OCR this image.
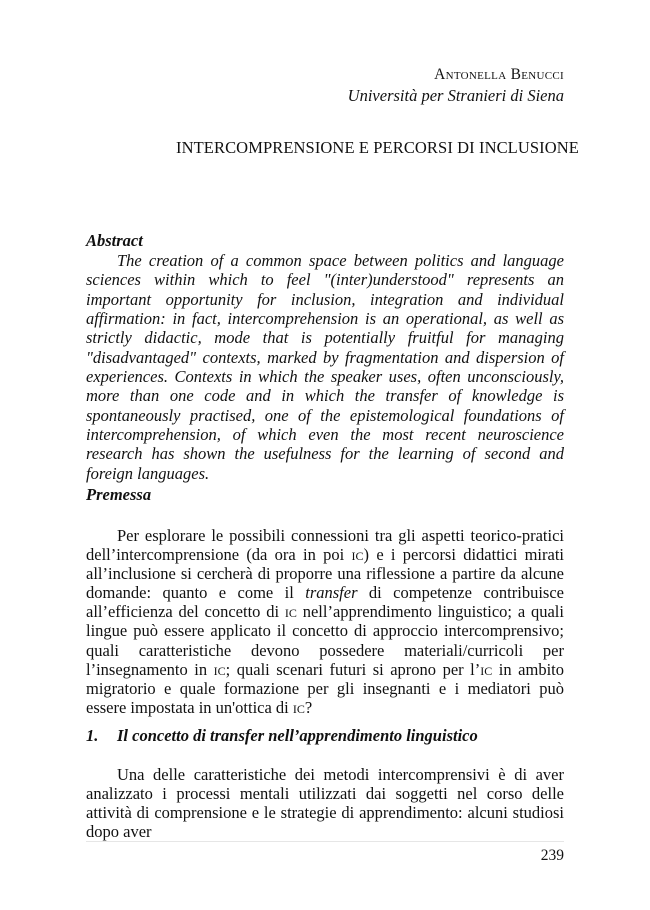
Antonella Benucci
Università per Stranieri di Siena
INTERCOMPRENSIONE E PERCORSI DI INCLUSIONE
Abstract
The creation of a common space between politics and language sciences within which to feel "(inter)understood" represents an important opportunity for inclusion, integration and individual affirmation: in fact, intercomprehension is an operational, as well as strictly didactic, mode that is potentially fruitful for managing "disadvantaged" contexts, marked by fragmentation and dispersion of experiences. Contexts in which the speaker uses, often unconsciously, more than one code and in which the transfer of knowledge is spontaneously practised, one of the epistemological foundations of intercomprehension, of which even the most recent neuroscience research has shown the usefulness for the learning of second and foreign languages.
Premessa
Per esplorare le possibili connessioni tra gli aspetti teorico-pratici dell’intercomprensione (da ora in poi ic) e i percorsi didattici mirati all’inclusione si cercherà di proporre una riflessione a partire da alcune domande: quanto e come il transfer di competenze contribuisce all’efficienza del concetto di ic nell’apprendimento linguistico; a quali lingue può essere applicato il concetto di approccio intercomprensivo; quali caratteristiche devono possedere materiali/curricoli per l’insegnamento in ic; quali scenari futuri si aprono per l’ic in ambito migratorio e quale formazione per gli insegnanti e i mediatori può essere impostata in un'ottica di ic?
1. Il concetto di transfer nell’apprendimento linguistico
Una delle caratteristiche dei metodi intercomprensivi è di aver analizzato i processi mentali utilizzati dai soggetti nel corso delle attività di comprensione e le strategie di apprendimento: alcuni studiosi dopo aver
239
